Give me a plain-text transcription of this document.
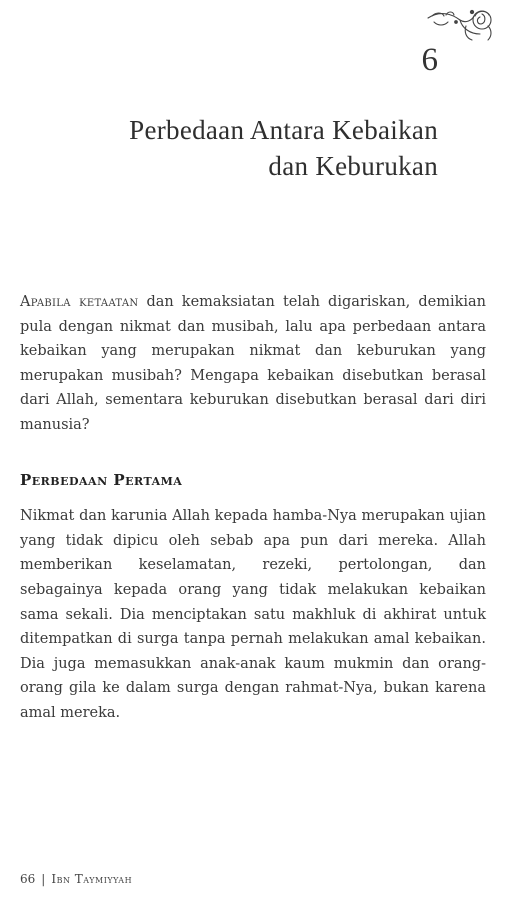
6
Perbedaan Antara Kebaikan
dan Keburukan

Apabila ketaatan dan kemaksiatan telah digariskan, demikian pula dengan nikmat dan musibah, lalu apa perbedaan antara kebaikan yang merupakan nikmat dan keburukan yang merupakan musibah? Mengapa kebaikan disebutkan berasal dari Allah, sementara keburukan disebutkan berasal dari diri manusia?

Perbedaan Pertama

Nikmat dan karunia Allah kepada hamba-Nya merupakan ujian yang tidak dipicu oleh sebab apa pun dari mereka. Allah memberikan keselamatan, rezeki, pertolongan, dan sebagainya kepada orang yang tidak melakukan kebaikan sama sekali. Dia menciptakan satu makhluk di akhirat untuk ditempatkan di surga tanpa pernah melakukan amal kebaikan. Dia juga memasukkan anak-anak kaum mukmin dan orang-orang gila ke dalam surga dengan rahmat-Nya, bukan karena amal mereka.

66 | Ibn Taymiyyah
